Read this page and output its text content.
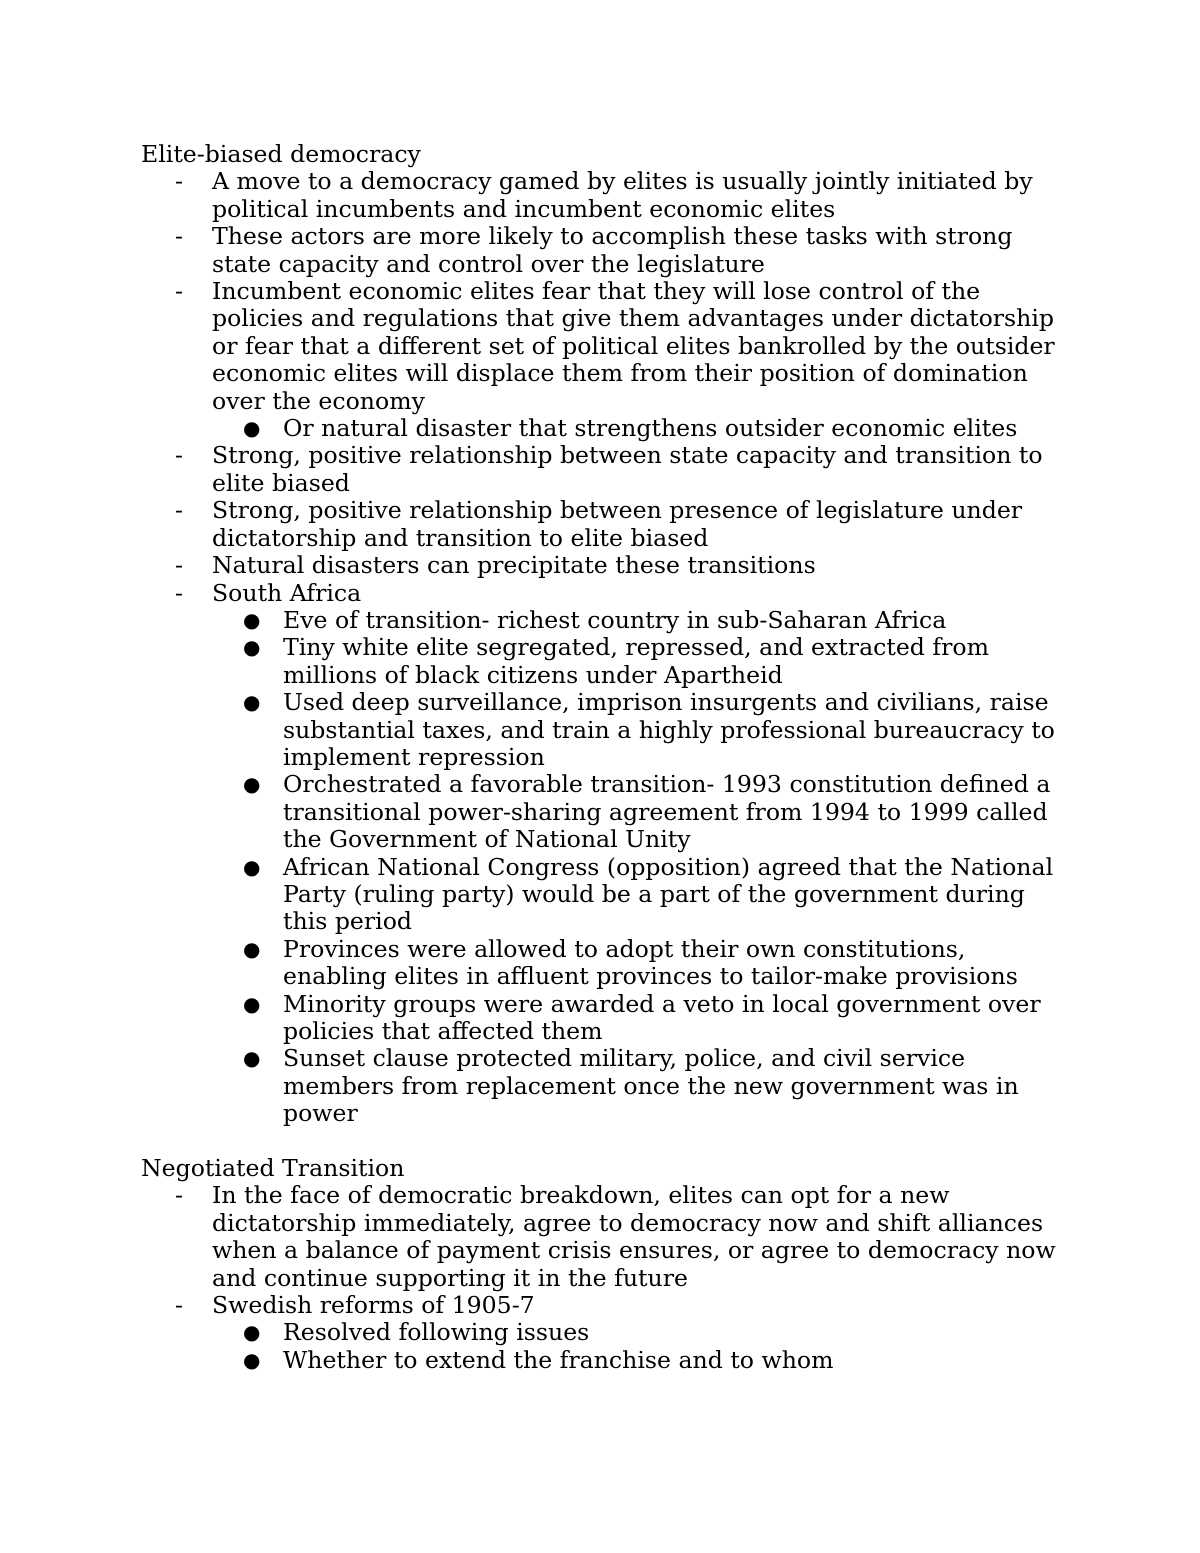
Elite-biased democracy

- A move to a democracy gamed by elites is usually jointly initiated by political incumbents and incumbent economic elites
- These actors are more likely to accomplish these tasks with strong state capacity and control over the legislature
- Incumbent economic elites fear that they will lose control of the policies and regulations that give them advantages under dictatorship or fear that a different set of political elites bankrolled by the outsider economic elites will displace them from their position of domination over the economy
● Or natural disaster that strengthens outsider economic elites
- Strong, positive relationship between state capacity and transition to elite biased
- Strong, positive relationship between presence of legislature under dictatorship and transition to elite biased
- Natural disasters can precipitate these transitions
- South Africa
● Eve of transition- richest country in sub-Saharan Africa
● Tiny white elite segregated, repressed, and extracted from millions of black citizens under Apartheid
● Used deep surveillance, imprison insurgents and civilians, raise substantial taxes, and train a highly professional bureaucracy to implement repression
● Orchestrated a favorable transition- 1993 constitution defined a transitional power-sharing agreement from 1994 to 1999 called the Government of National Unity
● African National Congress (opposition) agreed that the National Party (ruling party) would be a part of the government during this period
● Provinces were allowed to adopt their own constitutions, enabling elites in affluent provinces to tailor-make provisions
● Minority groups were awarded a veto in local government over policies that affected them
● Sunset clause protected military, police, and civil service members from replacement once the new government was in power

Negotiated Transition

- In the face of democratic breakdown, elites can opt for a new dictatorship immediately, agree to democracy now and shift alliances when a balance of payment crisis ensures, or agree to democracy now and continue supporting it in the future
- Swedish reforms of 1905-7
● Resolved following issues
● Whether to extend the franchise and to whom
